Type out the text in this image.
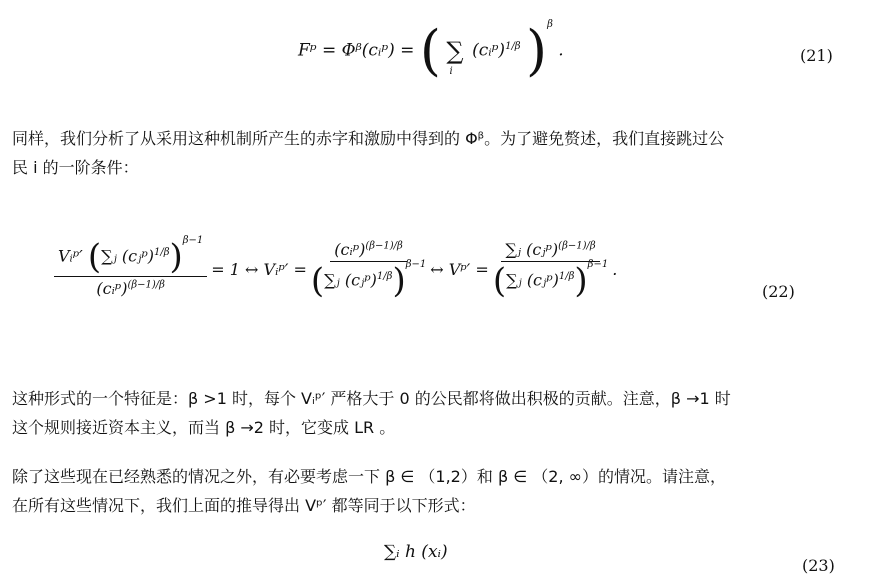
Fᵖ = Φᵝ(cᵢᵖ) = ( $\sum_i$ (cᵢᵖ)$^{1/\beta}$ )$^\beta$ .	(21)
同样，我们分析了从采用这种机制所产生的赤字和激励中得到的 Φᵝ。为了避免赘述，我们直接跳过公
民 i 的一阶条件：
$\frac{Vᵢᵖ' (\sum ⱼ (cⱼᵖ)^{1/\beta})^{\beta-1}}{(cᵢᵖ)^{(\beta-1)/\beta}} = 1$ ↔ Vᵢᵖ′ = $\frac{(cᵢᵖ)^{(\beta-1)/\beta}}{(\sum ⱼ (cⱼᵖ)^{1/\beta})^{\beta-1}}$ ↔ Vᵖ′ = $\frac{\sum ⱼ (cⱼᵖ)^{(\beta-1)/\beta}}{(\sum ⱼ (cⱼᵖ)^{1/\beta})^{\beta-1}}$ .
(22)
这种形式的一个特征是：β >1 时，每个 Vᵢᵖ′ 严格大于 0 的公民都将做出积极的贡献。注意，β →1 时
这个规则接近资本主义，而当 β →2 时，它变成 LR 。
除了这些现在已经熟悉的情况之外，有必要考虑一下 β ∈ （1,2）和 β ∈ （2, ∞）的情况。请注意，
在所有这些情况下，我们上面的推导得出 Vᵖ′ 都等同于以下形式：
∑ᵢ h (xᵢ)
(23)
